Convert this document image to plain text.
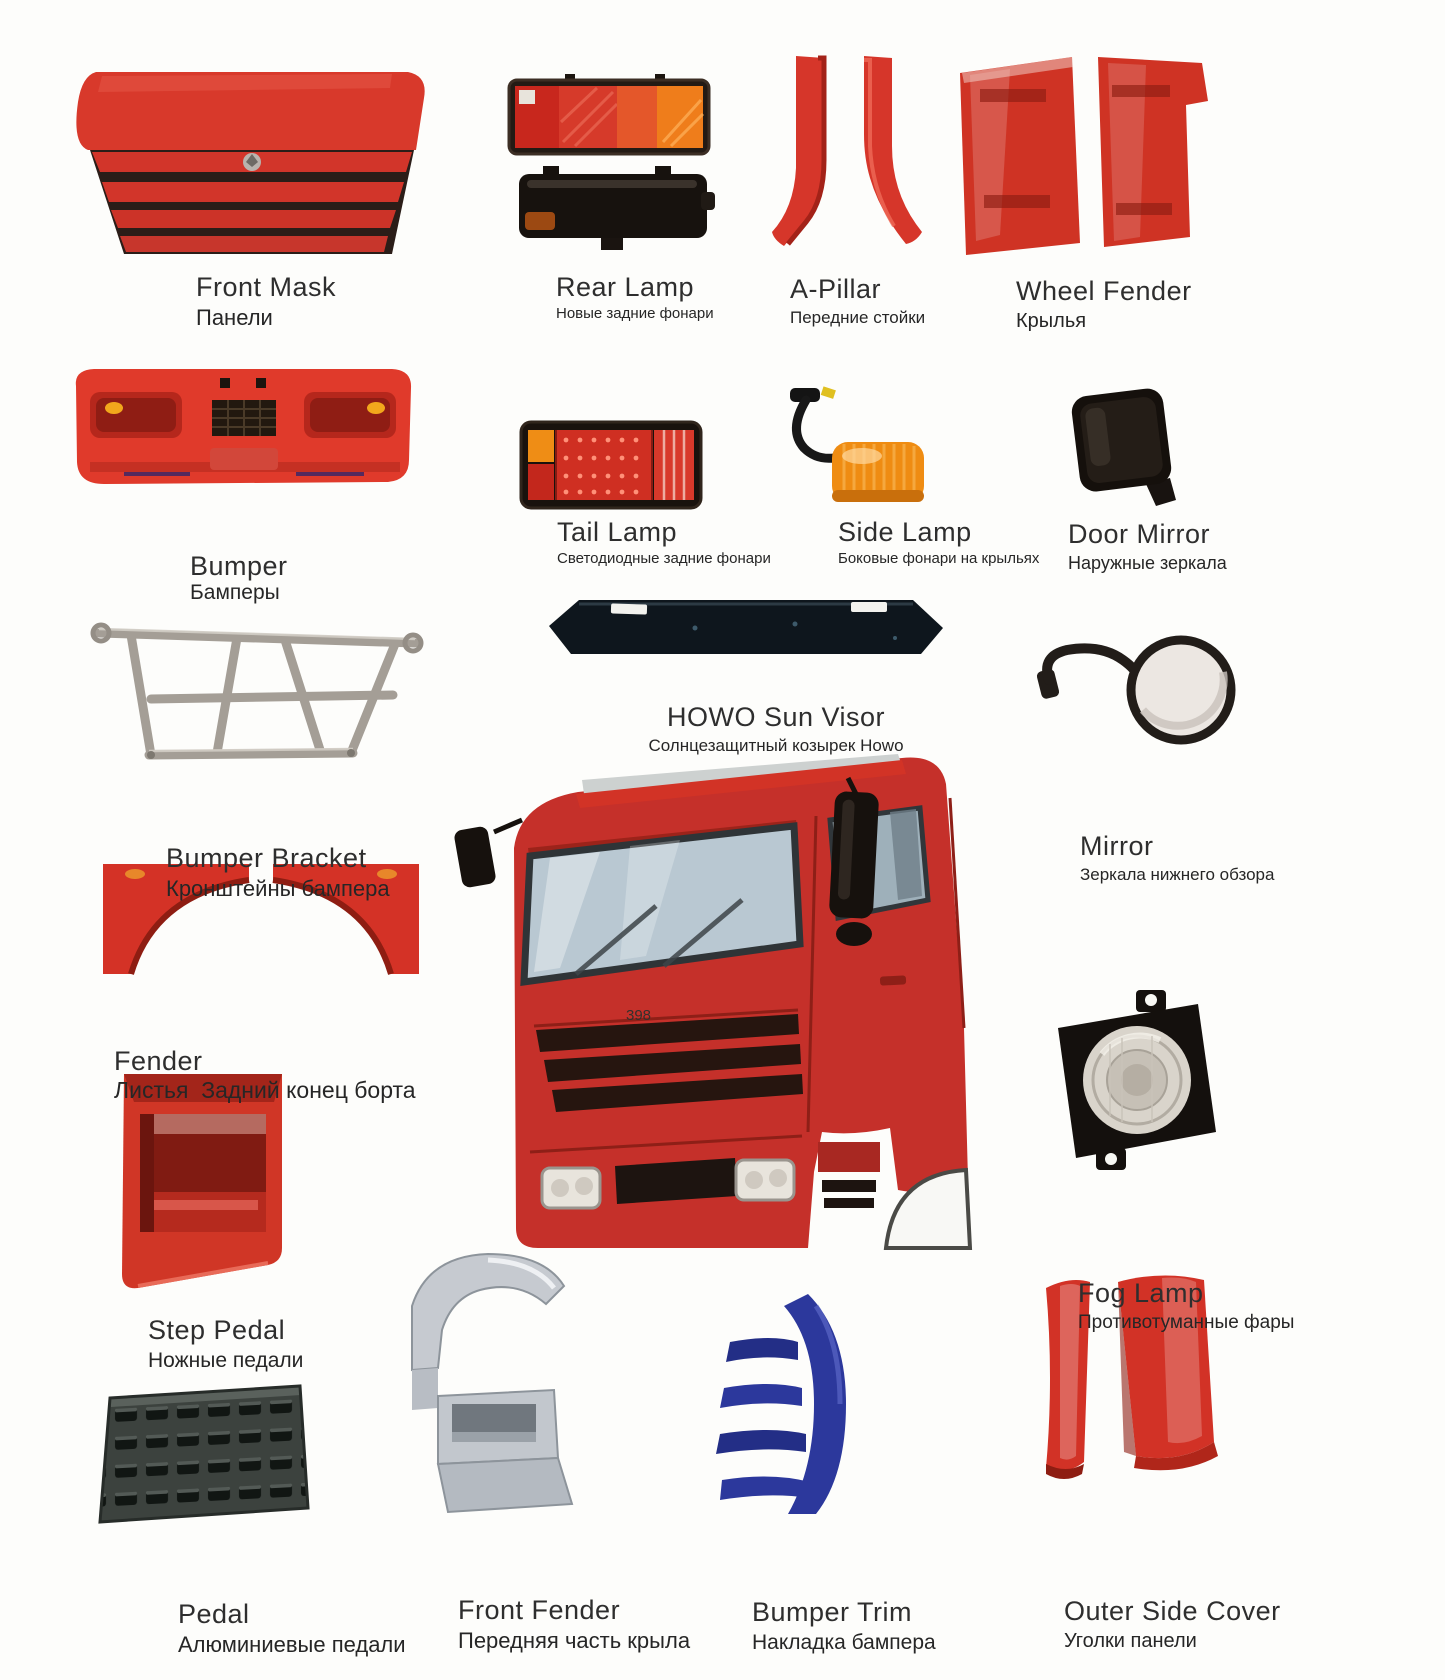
398
Front Mask
Панели
Rear Lamp
Новые задние фонари
A-Pillar
Передние стойки
Wheel Fender
Крылья
Bumper
Бамперы
Tail Lamp
Светодиодные задние фонари
Side Lamp
Боковые фонари на крыльях
Door Mirror
Наружные зеркала
Bumper Bracket
Кронштейны бампера
HOWO Sun Visor
Солнцезащитный козырек Howo
Mirror
Зеркала нижнего обзора
Fender
Листья  Задний конец борта
Step Pedal
Ножные педали
Fog Lamp
Противотуманные фары
Pedal
Алюминиевые педали
Front Fender
Передняя часть крыла
Bumper Trim
Накладка бампера
Outer Side Cover
Уголки панели
